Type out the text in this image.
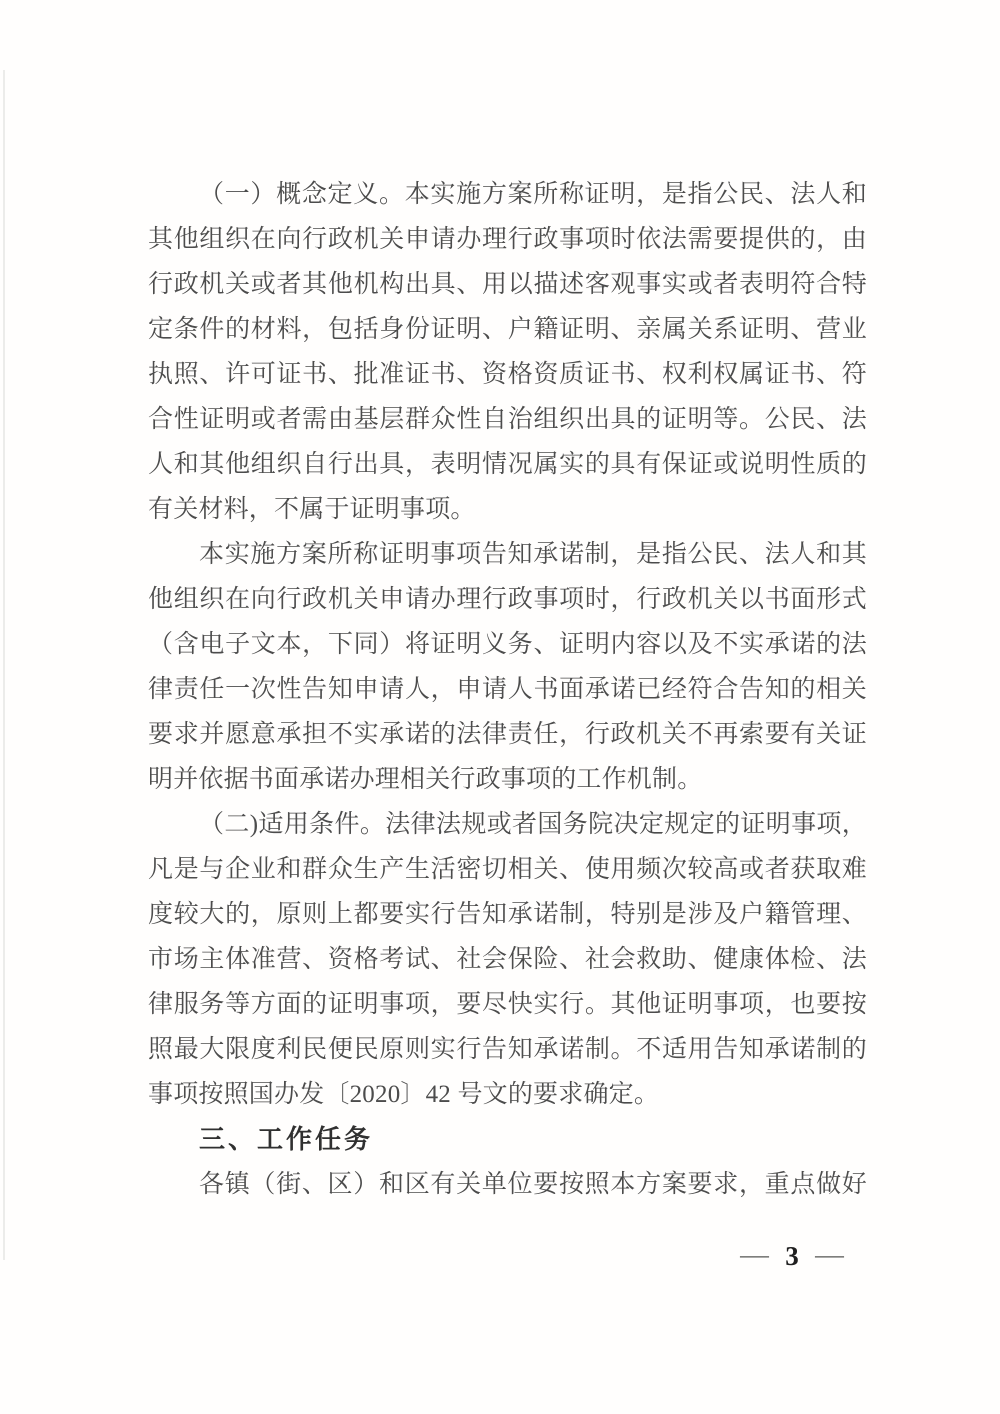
（一）概念定义。本实施方案所称证明，是指公民、法人和
其他组织在向行政机关申请办理行政事项时依法需要提供的，由
行政机关或者其他机构出具、用以描述客观事实或者表明符合特
定条件的材料，包括身份证明、户籍证明、亲属关系证明、营业
执照、许可证书、批准证书、资格资质证书、权利权属证书、符
合性证明或者需由基层群众性自治组织出具的证明等。公民、法
人和其他组织自行出具，表明情况属实的具有保证或说明性质的
有关材料，不属于证明事项。
本实施方案所称证明事项告知承诺制，是指公民、法人和其
他组织在向行政机关申请办理行政事项时，行政机关以书面形式
（含电子文本，下同）将证明义务、证明内容以及不实承诺的法
律责任一次性告知申请人，申请人书面承诺已经符合告知的相关
要求并愿意承担不实承诺的法律责任，行政机关不再索要有关证
明并依据书面承诺办理相关行政事项的工作机制。
（二)适用条件。法律法规或者国务院决定规定的证明事项，
凡是与企业和群众生产生活密切相关、使用频次较高或者获取难
度较大的，原则上都要实行告知承诺制，特别是涉及户籍管理、
市场主体准营、资格考试、社会保险、社会救助、健康体检、法
律服务等方面的证明事项，要尽快实行。其他证明事项，也要按
照最大限度利民便民原则实行告知承诺制。不适用告知承诺制的
事项按照国办发〔2020〕42 号文的要求确定。
三、工作任务
各镇（街、区）和区有关单位要按照本方案要求，重点做好
— 3 —
